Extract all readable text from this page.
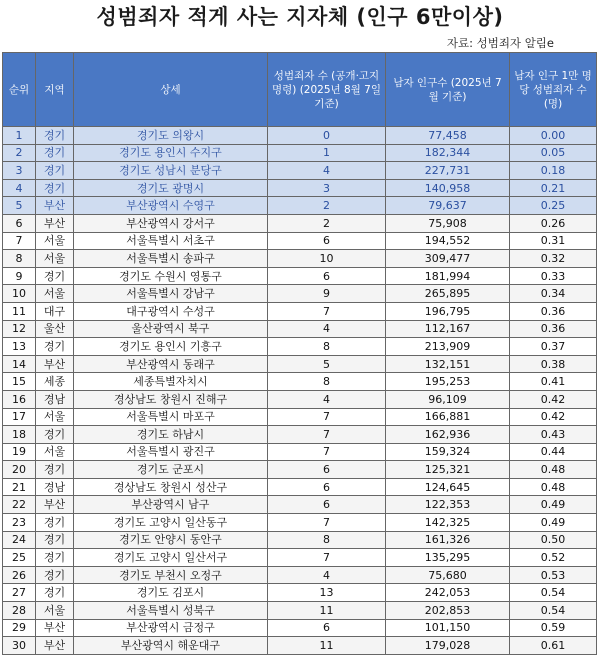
성범죄자 적게 사는 지자체 (인구 6만이상)
자료: 성범죄자 알림e
순위	지역	상세	성범죄자 수 (공개·고지 명령) (2025년 8월 7일 기준)	남자 인구수 (2025년 7월 기준)	남자 인구 1만 명 당 성범죄자 수 (명)
1	경기	경기도 의왕시	0	77,458	0.00
2	경기	경기도 용인시 수지구	1	182,344	0.05
3	경기	경기도 성남시 분당구	4	227,731	0.18
4	경기	경기도 광명시	3	140,958	0.21
5	부산	부산광역시 수영구	2	79,637	0.25
6	부산	부산광역시 강서구	2	75,908	0.26
7	서울	서울특별시 서초구	6	194,552	0.31
8	서울	서울특별시 송파구	10	309,477	0.32
9	경기	경기도 수원시 영통구	6	181,994	0.33
10	서울	서울특별시 강남구	9	265,895	0.34
11	대구	대구광역시 수성구	7	196,795	0.36
12	울산	울산광역시 북구	4	112,167	0.36
13	경기	경기도 용인시 기흥구	8	213,909	0.37
14	부산	부산광역시 동래구	5	132,151	0.38
15	세종	세종특별자치시	8	195,253	0.41
16	경남	경상남도 창원시 진해구	4	96,109	0.42
17	서울	서울특별시 마포구	7	166,881	0.42
18	경기	경기도 하남시	7	162,936	0.43
19	서울	서울특별시 광진구	7	159,324	0.44
20	경기	경기도 군포시	6	125,321	0.48
21	경남	경상남도 창원시 성산구	6	124,645	0.48
22	부산	부산광역시 남구	6	122,353	0.49
23	경기	경기도 고양시 일산동구	7	142,325	0.49
24	경기	경기도 안양시 동안구	8	161,326	0.50
25	경기	경기도 고양시 일산서구	7	135,295	0.52
26	경기	경기도 부천시 오정구	4	75,680	0.53
27	경기	경기도 김포시	13	242,053	0.54
28	서울	서울특별시 성북구	11	202,853	0.54
29	부산	부산광역시 금정구	6	101,150	0.59
30	부산	부산광역시 해운대구	11	179,028	0.61
